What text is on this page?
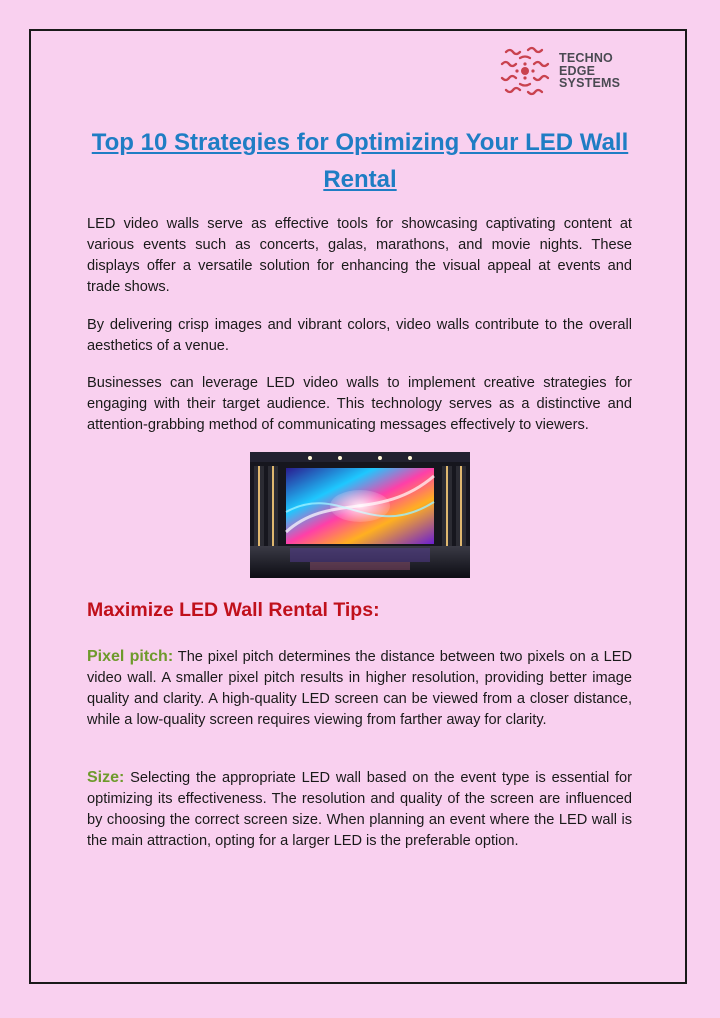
TECHNO
EDGE
SYSTEMS
Top 10 Strategies for Optimizing Your LED Wall Rental

LED video walls serve as effective tools for showcasing captivating content at various events such as concerts, galas, marathons, and movie nights. These displays offer a versatile solution for enhancing the visual appeal at events and trade shows.

By delivering crisp images and vibrant colors, video walls contribute to the overall aesthetics of a venue.

Businesses can leverage LED video walls to implement creative strategies for engaging with their target audience. This technology serves as a distinctive and attention-grabbing method of communicating messages effectively to viewers.

Maximize LED Wall Rental Tips:

Pixel pitch: The pixel pitch determines the distance between two pixels on a LED video wall. A smaller pixel pitch results in higher resolution, providing better image quality and clarity. A high-quality LED screen can be viewed from a closer distance, while a low-quality screen requires viewing from farther away for clarity.

Size: Selecting the appropriate LED wall based on the event type is essential for optimizing its effectiveness. The resolution and quality of the screen are influenced by choosing the correct screen size. When planning an event where the LED wall is the main attraction, opting for a larger LED is the preferable option.
